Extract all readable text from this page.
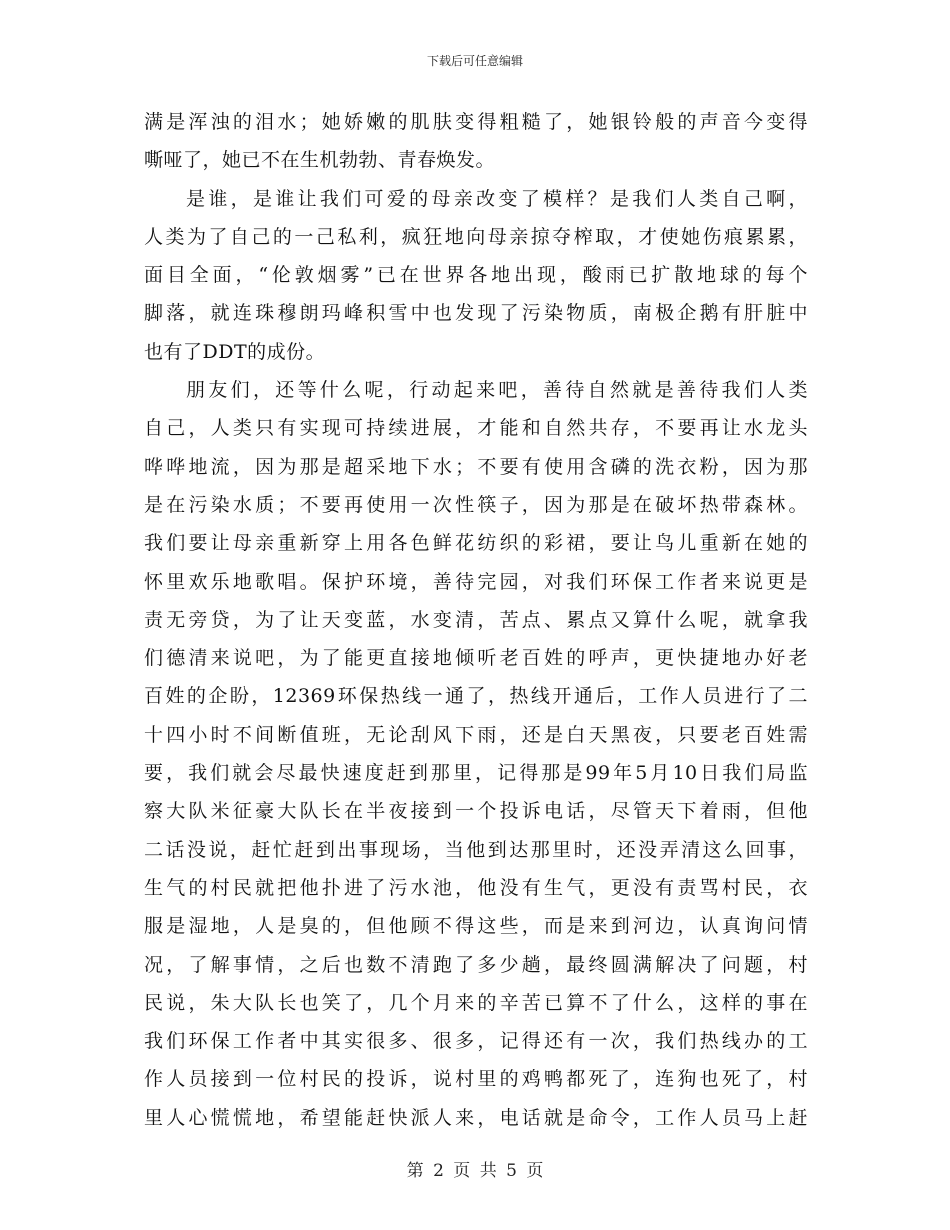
下载后可任意编辑
满是浑浊的泪水；她娇嫩的肌肤变得粗糙了，她银铃般的声音今变得
嘶哑了，她已不在生机勃勃、青春焕发。
是谁，是谁让我们可爱的母亲改变了模样？是我们人类自己啊，
人类为了自己的一己私利，疯狂地向母亲掠夺榨取，才使她伤痕累累，
面目全面，“伦敦烟雾”已在世界各地出现，酸雨已扩散地球的每个
脚落，就连珠穆朗玛峰积雪中也发现了污染物质，南极企鹅有肝脏中
也有了DDT的成份。
朋友们，还等什么呢，行动起来吧，善待自然就是善待我们人类
自己，人类只有实现可持续进展，才能和自然共存，不要再让水龙头
哗哗地流，因为那是超采地下水；不要有使用含磷的洗衣粉，因为那
是在污染水质；不要再使用一次性筷子，因为那是在破坏热带森林。
我们要让母亲重新穿上用各色鲜花纺织的彩裙，要让鸟儿重新在她的
怀里欢乐地歌唱。保护环境，善待完园，对我们环保工作者来说更是
责无旁贷，为了让天变蓝，水变清，苦点、累点又算什么呢，就拿我
们德清来说吧，为了能更直接地倾听老百姓的呼声，更快捷地办好老
百姓的企盼，12369环保热线一通了，热线开通后，工作人员进行了二
十四小时不间断值班，无论刮风下雨，还是白天黑夜，只要老百姓需
要，我们就会尽最快速度赶到那里，记得那是99年5月10日我们局监
察大队米征豪大队长在半夜接到一个投诉电话，尽管天下着雨，但他
二话没说，赶忙赶到出事现场，当他到达那里时，还没弄清这么回事，
生气的村民就把他扑进了污水池，他没有生气，更没有责骂村民，衣
服是湿地，人是臭的，但他顾不得这些，而是来到河边，认真询问情
况，了解事情，之后也数不清跑了多少趟，最终圆满解决了问题，村
民说，朱大队长也笑了，几个月来的辛苦已算不了什么，这样的事在
我们环保工作者中其实很多、很多，记得还有一次，我们热线办的工
作人员接到一位村民的投诉，说村里的鸡鸭都死了，连狗也死了，村
里人心慌慌地，希望能赶快派人来，电话就是命令，工作人员马上赶
第 2 页 共 5 页
